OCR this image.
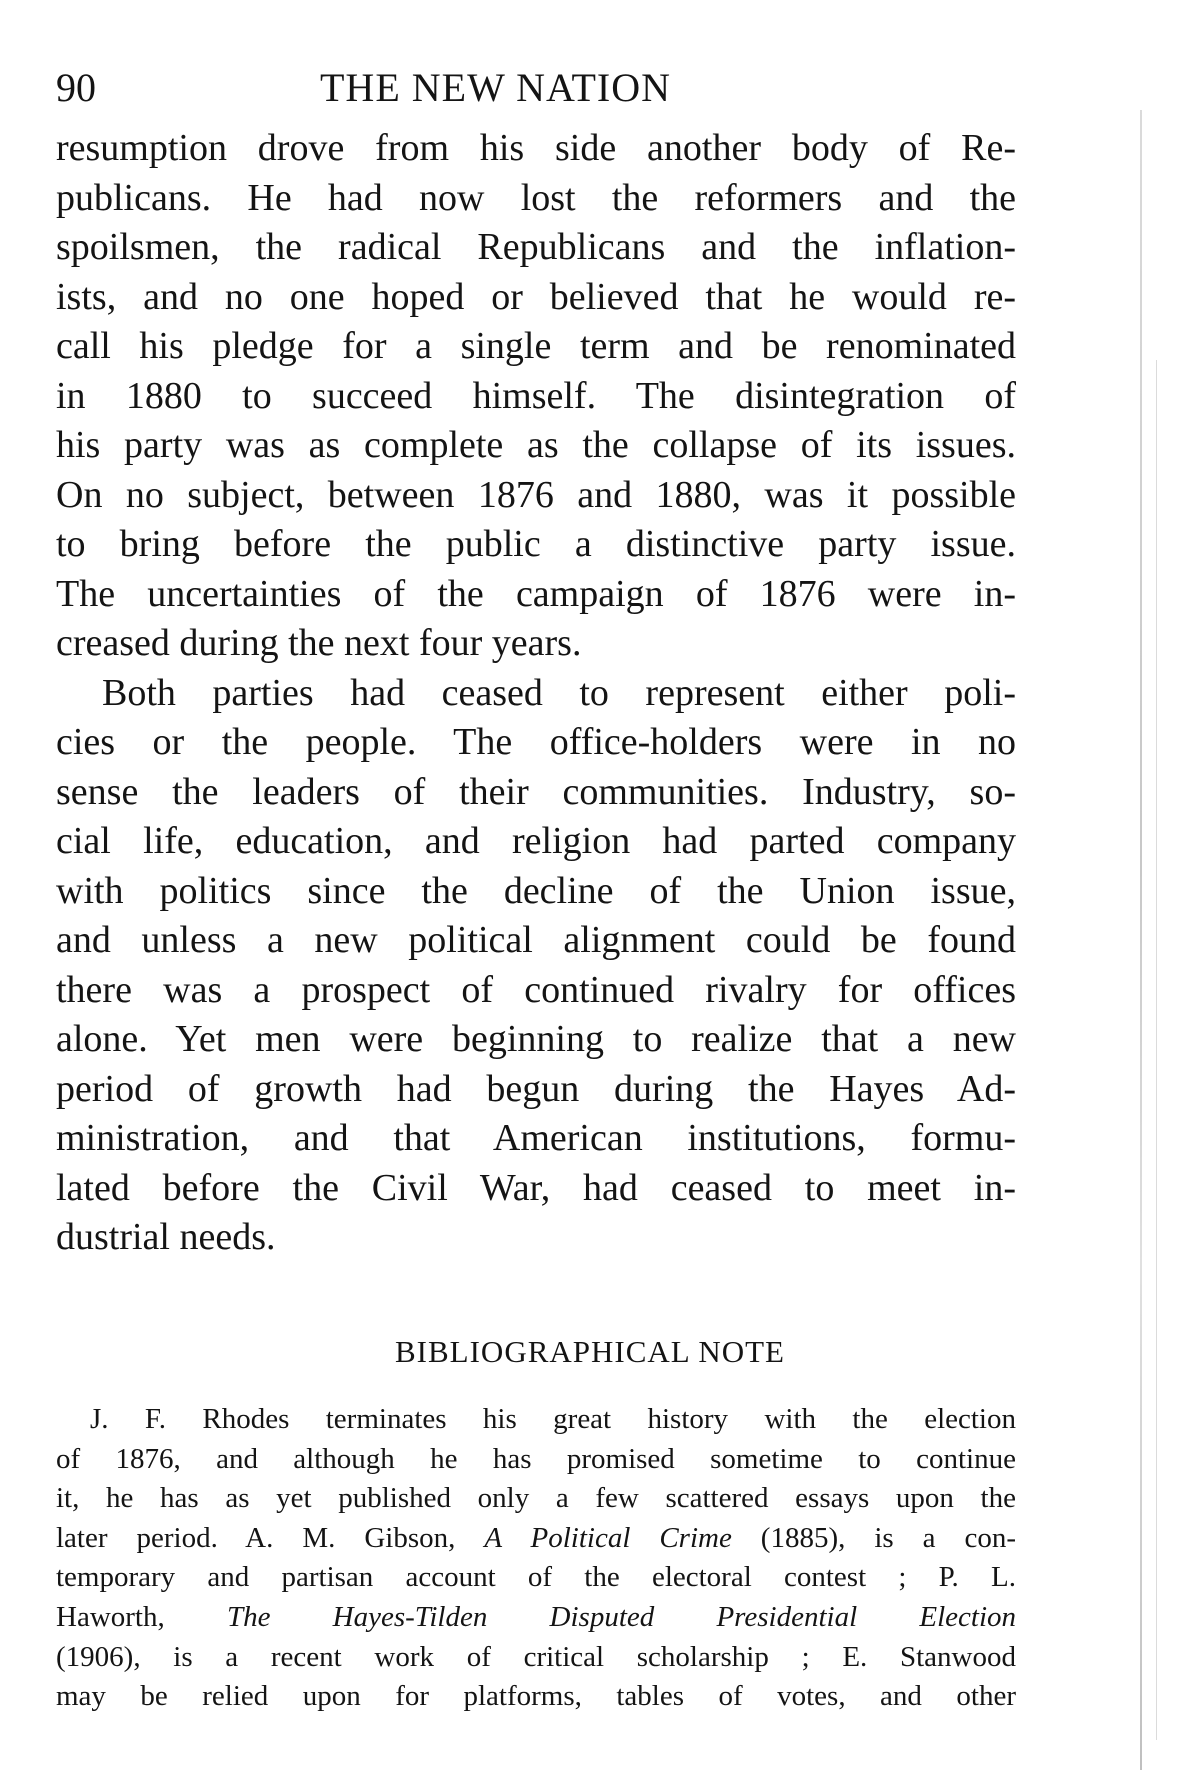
90	THE NEW NATION
resumption drove from his side another body of Re-
publicans. He had now lost the reformers and the
spoilsmen, the radical Republicans and the inflation-
ists, and no one hoped or believed that he would re-
call his pledge for a single term and be renominated
in 1880 to succeed himself. The disintegration of
his party was as complete as the collapse of its issues.
On no subject, between 1876 and 1880, was it possible
to bring before the public a distinctive party issue.
The uncertainties of the campaign of 1876 were in-
creased during the next four years.
Both parties had ceased to represent either poli-
cies or the people. The office-holders were in no
sense the leaders of their communities. Industry, so-
cial life, education, and religion had parted company
with politics since the decline of the Union issue,
and unless a new political alignment could be found
there was a prospect of continued rivalry for offices
alone. Yet men were beginning to realize that a new
period of growth had begun during the Hayes Ad-
ministration, and that American institutions, formu-
lated before the Civil War, had ceased to meet in-
dustrial needs.
BIBLIOGRAPHICAL NOTE
J. F. Rhodes terminates his great history with the election
of 1876, and although he has promised sometime to continue
it, he has as yet published only a few scattered essays upon the
later period. A. M. Gibson, A Political Crime (1885), is a con-
temporary and partisan account of the electoral contest ; P. L.
Haworth, The Hayes-Tilden Disputed Presidential Election
(1906), is a recent work of critical scholarship ; E. Stanwood
may be relied upon for platforms, tables of votes, and other
